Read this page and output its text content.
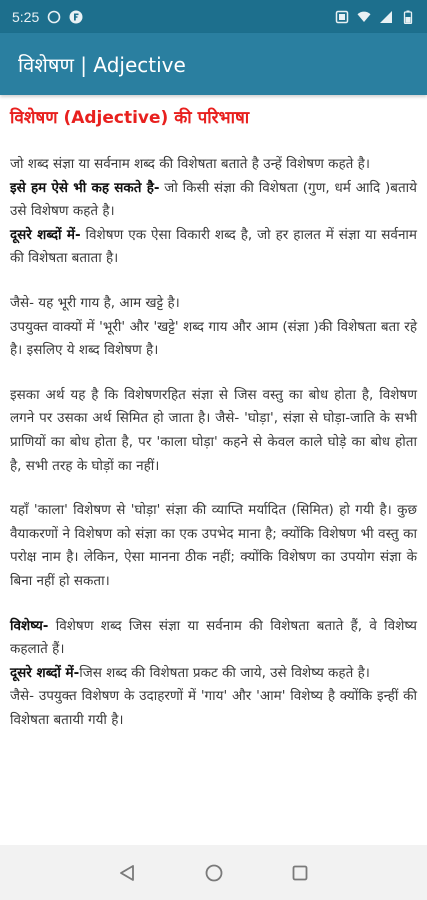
5:25
विशेषण | Adjective
विशेषण (Adjective) की परिभाषा

जो शब्द संज्ञा या सर्वनाम शब्द की विशेषता बताते है उन्हें विशेषण कहते है।
इसे हम ऐसे भी कह सकते है- जो किसी संज्ञा की विशेषता (गुण, धर्म आदि )बताये उसे विशेषण कहते है।
दूसरे शब्दों में- विशेषण एक ऐसा विकारी शब्द है, जो हर हालत में संज्ञा या सर्वनाम की विशेषता बताता है।

जैसे- यह भूरी गाय है, आम खट्टे है।
उपयुक्त वाक्यों में 'भूरी' और 'खट्टे' शब्द गाय और आम (संज्ञा )की विशेषता बता रहे है। इसलिए ये शब्द विशेषण है।

इसका अर्थ यह है कि विशेषणरहित संज्ञा से जिस वस्तु का बोध होता है, विशेषण लगने पर उसका अर्थ सिमित हो जाता है। जैसे- 'घोड़ा', संज्ञा से घोड़ा-जाति के सभी प्राणियों का बोध होता है, पर 'काला घोड़ा' कहने से केवल काले घोड़े का बोध होता है, सभी तरह के घोड़ों का नहीं।

यहाँ 'काला' विशेषण से 'घोड़ा' संज्ञा की व्याप्ति मर्यादित (सिमित) हो गयी है। कुछ वैयाकरणों ने विशेषण को संज्ञा का एक उपभेद माना है; क्योंकि विशेषण भी वस्तु का परोक्ष नाम है। लेकिन, ऐसा मानना ठीक नहीं; क्योंकि विशेषण का उपयोग संज्ञा के बिना नहीं हो सकता।

विशेष्य- विशेषण शब्द जिस संज्ञा या सर्वनाम की विशेषता बताते हैं, वे विशेष्य कहलाते हैं।
दूसरे शब्दों में-जिस शब्द की विशेषता प्रकट की जाये, उसे विशेष्य कहते है।
जैसे- उपयुक्त विशेषण के उदाहरणों में 'गाय' और 'आम' विशेष्य है क्योंकि इन्हीं की विशेषता बतायी गयी है।
